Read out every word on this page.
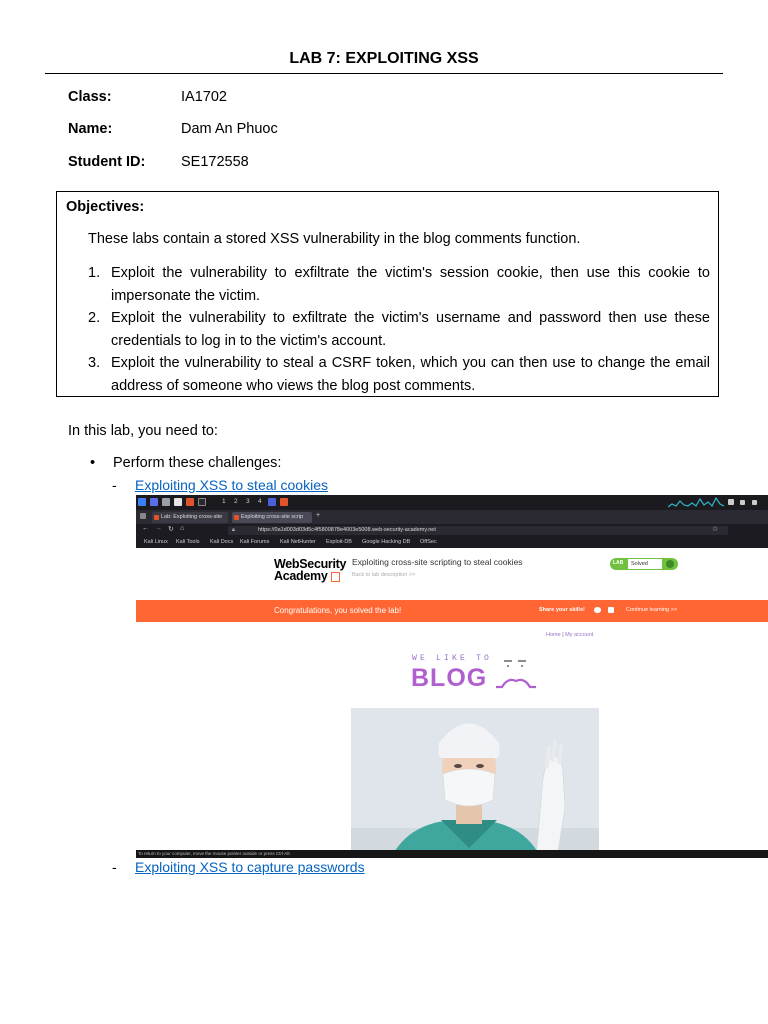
LAB 7: EXPLOITING XSS
Class:	IA1702
Name:	Dam An Phuoc
Student ID: SE172558
Objectives:
These labs contain a stored XSS vulnerability in the blog comments function.
1. Exploit the vulnerability to exfiltrate the victim's session cookie, then use this cookie to impersonate the victim.
2. Exploit the vulnerability to exfiltrate the victim's username and password then use these credentials to log in to the victim's account.
3. Exploit the vulnerability to steal a CSRF token, which you can then use to change the email address of someone who views the blog post comments.
In this lab, you need to:
• Perform these challenges:
- Exploiting XSS to steal cookies
1 2 3 4
Lab: Exploiting cross-site	Exploiting cross-site scrip	+
← → ↻ ⌂	🔒︎	https://0a1d003d03d5c4f5800878e4003e5008.web-security-academy.net	☆
Kali Linux Kali Tools Kali Docs Kali Forums Kali NetHunter Exploit-DB Google Hacking DB OffSec
WebSecurity
Academy
Exploiting cross-site scripting to steal cookies
Back to lab description >>
LAB	Solved
Congratulations, you solved the lab!	Share your skills!	Continue learning >>
Home | My account
WE LIKE TO
BLOG
To return to your computer, move the mouse pointer outside or press Ctrl-Alt.
- Exploiting XSS to capture passwords
